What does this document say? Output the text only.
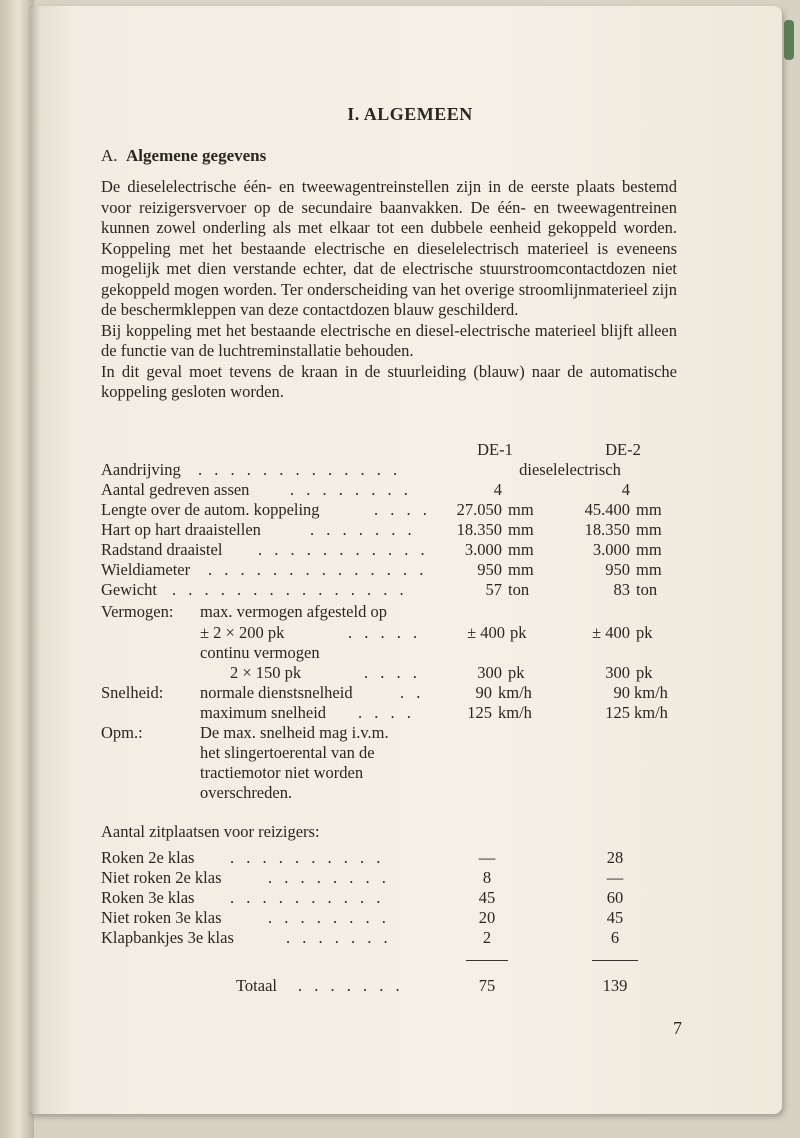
I. ALGEMEEN
A. Algemene gegevens

De dieselelectrische één- en tweewagentreinstellen zijn in de eerste plaats bestemd voor reizigersvervoer op de secundaire baanvakken. De één- en tweewagentreinen kunnen zowel onderling als met elkaar tot een dubbele eenheid gekoppeld worden. Koppeling met het bestaande electrische en dieselelectrisch materieel is eveneens mogelijk met dien verstande echter, dat de electrische stuurstroomcontactdozen niet gekoppeld mogen worden. Ter onderscheiding van het overige stroomlijnmaterieel zijn de beschermkleppen van deze contactdozen blauw geschilderd.

Bij koppeling met het bestaande electrische en diesel-electrische materieel blijft alleen de functie van de luchtreminstallatie behouden.

In dit geval moet tevens de kraan in de stuurleiding (blauw) naar de automatische koppeling gesloten worden.

DE-1	DE-2
Aandrijving . . . . . . . . . . . . .	dieselelectrisch
Aantal gedreven assen . . . . . . . .	4	4
Lengte over de autom. koppeling	. . . .	27.050 mm	45.400 mm
Hart op hart draaistellen	. . . . . . .	18.350 mm	18.350 mm
Radstand draaistel . . . . . . . . . . .	3.000 mm	3.000 mm
Wieldiameter . . . . . . . . . . . . . .	950 mm	950 mm
Gewicht . . . . . . . . . . . . . . .	57 ton	83 ton
Vermogen: max. vermogen afgesteld op
± 2 × 200 pk	. . . . .	± 400 pk	± 400 pk
continu vermogen
2 × 150 pk	. . . .	300 pk	300 pk
Snelheid: normale dienstsnelheid	. .	90 km/h	90 km/h
maximum snelheid . . . .	125 km/h	125 km/h
Opm.:	De max. snelheid mag i.v.m.
het slingertoerental van de
tractiemotor niet worden
overschreden.
Aantal zitplaatsen voor reizigers:
Roken 2e klas . . . . . . . . . .	—	28
Niet roken 2e klas	. . . . . . . .	8	—
Roken 3e klas . . . . . . . . . .	45	60
Niet roken 3e klas	. . . . . . . .	20	45
Klapbankjes 3e klas	. . . . . . .	2	6
Totaal . . . . . . .	75	139
7
